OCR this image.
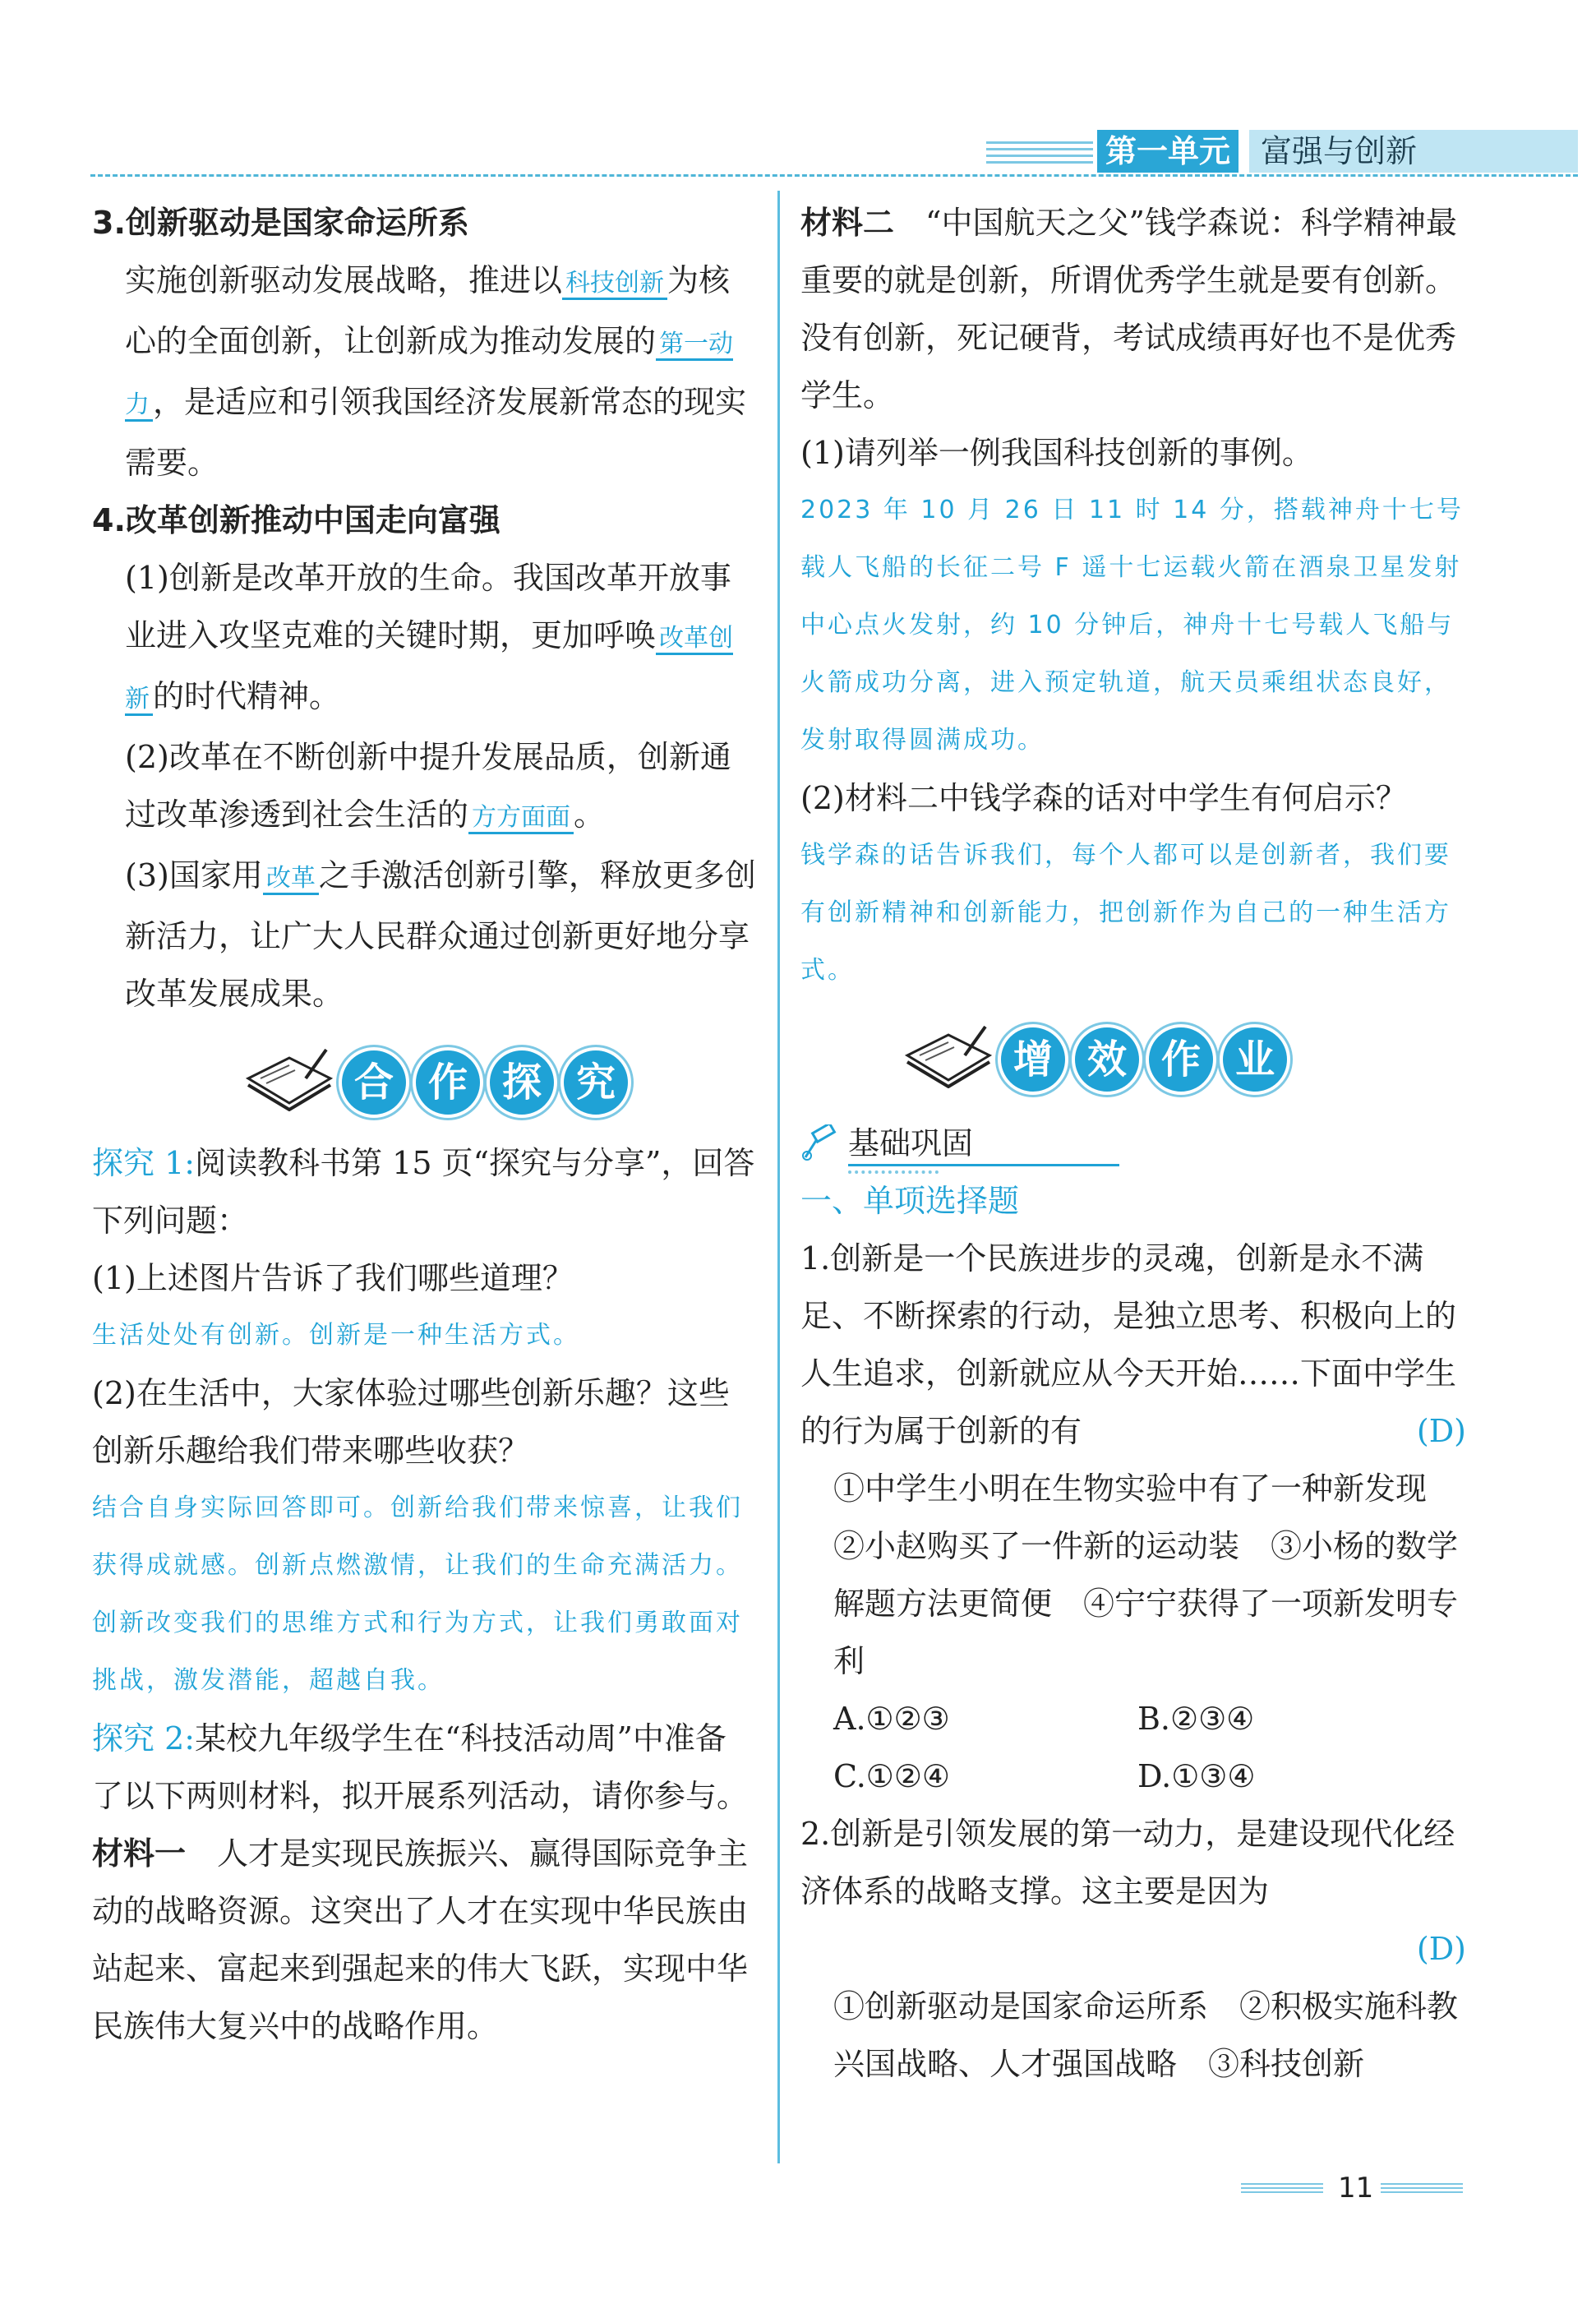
第一单元 富强与创新

3.创新驱动是国家命运所系

实施创新驱动发展战略，推进以 科技创新 为核心的全面创新，让创新成为推动发展的 第一动力 ，是适应和引领我国经济发展新常态的现实需要。

4.改革创新推动中国走向富强

(1)创新是改革开放的生命。我国改革开放事业进入攻坚克难的关键时期，更加呼唤 改革创新 的时代精神。

(2)改革在不断创新中提升发展品质，创新通过改革渗透到社会生活的 方方面面 。

(3)国家用 改革 之手激活创新引擎，释放更多创新活力，让广大人民群众通过创新更好地分享改革发展成果。

合 作 探 究

探究 1:阅读教科书第 15 页“探究与分享”，回答下列问题：

(1)上述图片告诉了我们哪些道理？

生活处处有创新。创新是一种生活方式。

(2)在生活中，大家体验过哪些创新乐趣？这些创新乐趣给我们带来哪些收获？

结合自身实际回答即可。创新给我们带来惊喜，让我们获得成就感。创新点燃激情，让我们的生命充满活力。创新改变我们的思维方式和行为方式，让我们勇敢面对挑战，激发潜能，超越自我。

探究 2:某校九年级学生在“科技活动周”中准备了以下两则材料，拟开展系列活动，请你参与。

材料一　 人才是实现民族振兴、赢得国际竞争主动的战略资源。这突出了人才在实现中华民族由站起来、富起来到强起来的伟大飞跃，实现中华民族伟大复兴中的战略作用。

材料二　 “中国航天之父”钱学森说：科学精神最重要的就是创新，所谓优秀学生就是要有创新。没有创新，死记硬背，考试成绩再好也不是优秀学生。

(1)请列举一例我国科技创新的事例。

2023 年 10 月 26 日 11 时 14 分，搭载神舟十七号载人飞船的长征二号 F 遥十七运载火箭在酒泉卫星发射中心点火发射，约 10 分钟后，神舟十七号载人飞船与火箭成功分离，进入预定轨道，航天员乘组状态良好，发射取得圆满成功。

(2)材料二中钱学森的话对中学生有何启示？

钱学森的话告诉我们，每个人都可以是创新者，我们要有创新精神和创新能力，把创新作为自己的一种生活方式。

增 效 作 业
基础巩固

一、单项选择题

1.创新是一个民族进步的灵魂，创新是永不满足、不断探索的行动，是独立思考、积极向上的人生追求，创新就应从今天开始……下面中学生的行为属于创新的有	(D)

①中学生小明在生物实验中有了一种新发现　②小赵购买了一件新的运动装　③小杨的数学解题方法更简便　④宁宁获得了一项新发明专利

A.①②③	B.②③④
C.①②④	D.①③④

2.创新是引领发展的第一动力，是建设现代化经济体系的战略支撑。这主要是因为

(D)

①创新驱动是国家命运所系　②积极实施科教兴国战略、人才强国战略　③科技创新

11
